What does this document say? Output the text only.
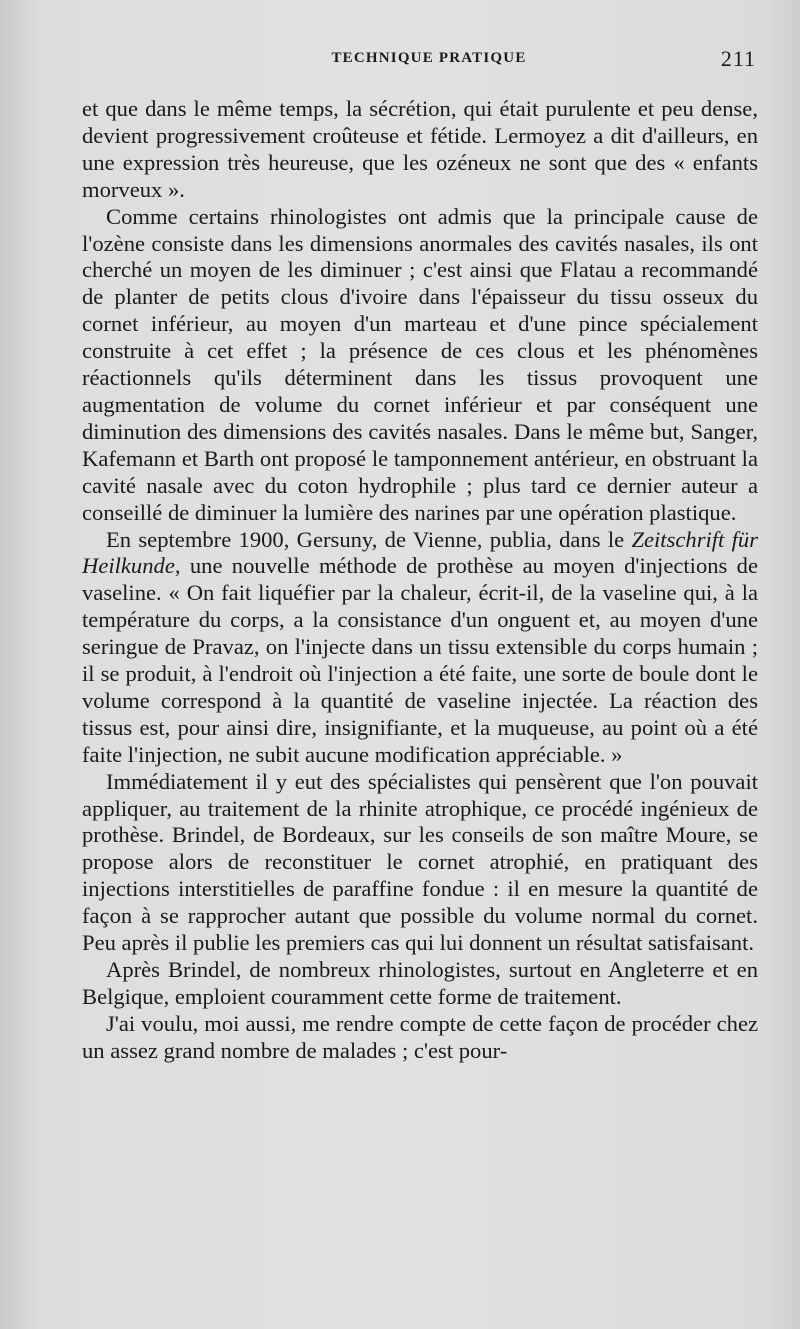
TECHNIQUE PRATIQUE	211

et que dans le même temps, la sécrétion, qui était purulente et peu dense, devient progressivement croûteuse et fétide. Lermoyez a dit d'ailleurs, en une expression très heureuse, que les ozéneux ne sont que des « enfants morveux ».

Comme certains rhinologistes ont admis que la principale cause de l'ozène consiste dans les dimensions anormales des cavités nasales, ils ont cherché un moyen de les diminuer ; c'est ainsi que Flatau a recommandé de planter de petits clous d'ivoire dans l'épaisseur du tissu osseux du cornet inférieur, au moyen d'un marteau et d'une pince spécialement construite à cet effet ; la présence de ces clous et les phénomènes réactionnels qu'ils déterminent dans les tissus provoquent une augmentation de volume du cornet inférieur et par conséquent une diminution des dimensions des cavités nasales. Dans le même but, Sanger, Kafemann et Barth ont proposé le tamponnement antérieur, en obstruant la cavité nasale avec du coton hydrophile ; plus tard ce dernier auteur a conseillé de diminuer la lumière des narines par une opération plastique.

En septembre 1900, Gersuny, de Vienne, publia, dans le Zeitschrift für Heilkunde, une nouvelle méthode de prothèse au moyen d'injections de vaseline. « On fait liquéfier par la chaleur, écrit-il, de la vaseline qui, à la température du corps, a la consistance d'un onguent et, au moyen d'une seringue de Pravaz, on l'injecte dans un tissu extensible du corps humain ; il se produit, à l'endroit où l'injection a été faite, une sorte de boule dont le volume correspond à la quantité de vaseline injectée. La réaction des tissus est, pour ainsi dire, insignifiante, et la muqueuse, au point où a été faite l'injection, ne subit aucune modification appréciable. »

Immédiatement il y eut des spécialistes qui pensèrent que l'on pouvait appliquer, au traitement de la rhinite atrophique, ce procédé ingénieux de prothèse. Brindel, de Bordeaux, sur les conseils de son maître Moure, se propose alors de reconstituer le cornet atrophié, en pratiquant des injections interstitielles de paraffine fondue : il en mesure la quantité de façon à se rapprocher autant que possible du volume normal du cornet. Peu après il publie les premiers cas qui lui donnent un résultat satisfaisant.

Après Brindel, de nombreux rhinologistes, surtout en Angleterre et en Belgique, emploient couramment cette forme de traitement.

J'ai voulu, moi aussi, me rendre compte de cette façon de procéder chez un assez grand nombre de malades ; c'est pour-
